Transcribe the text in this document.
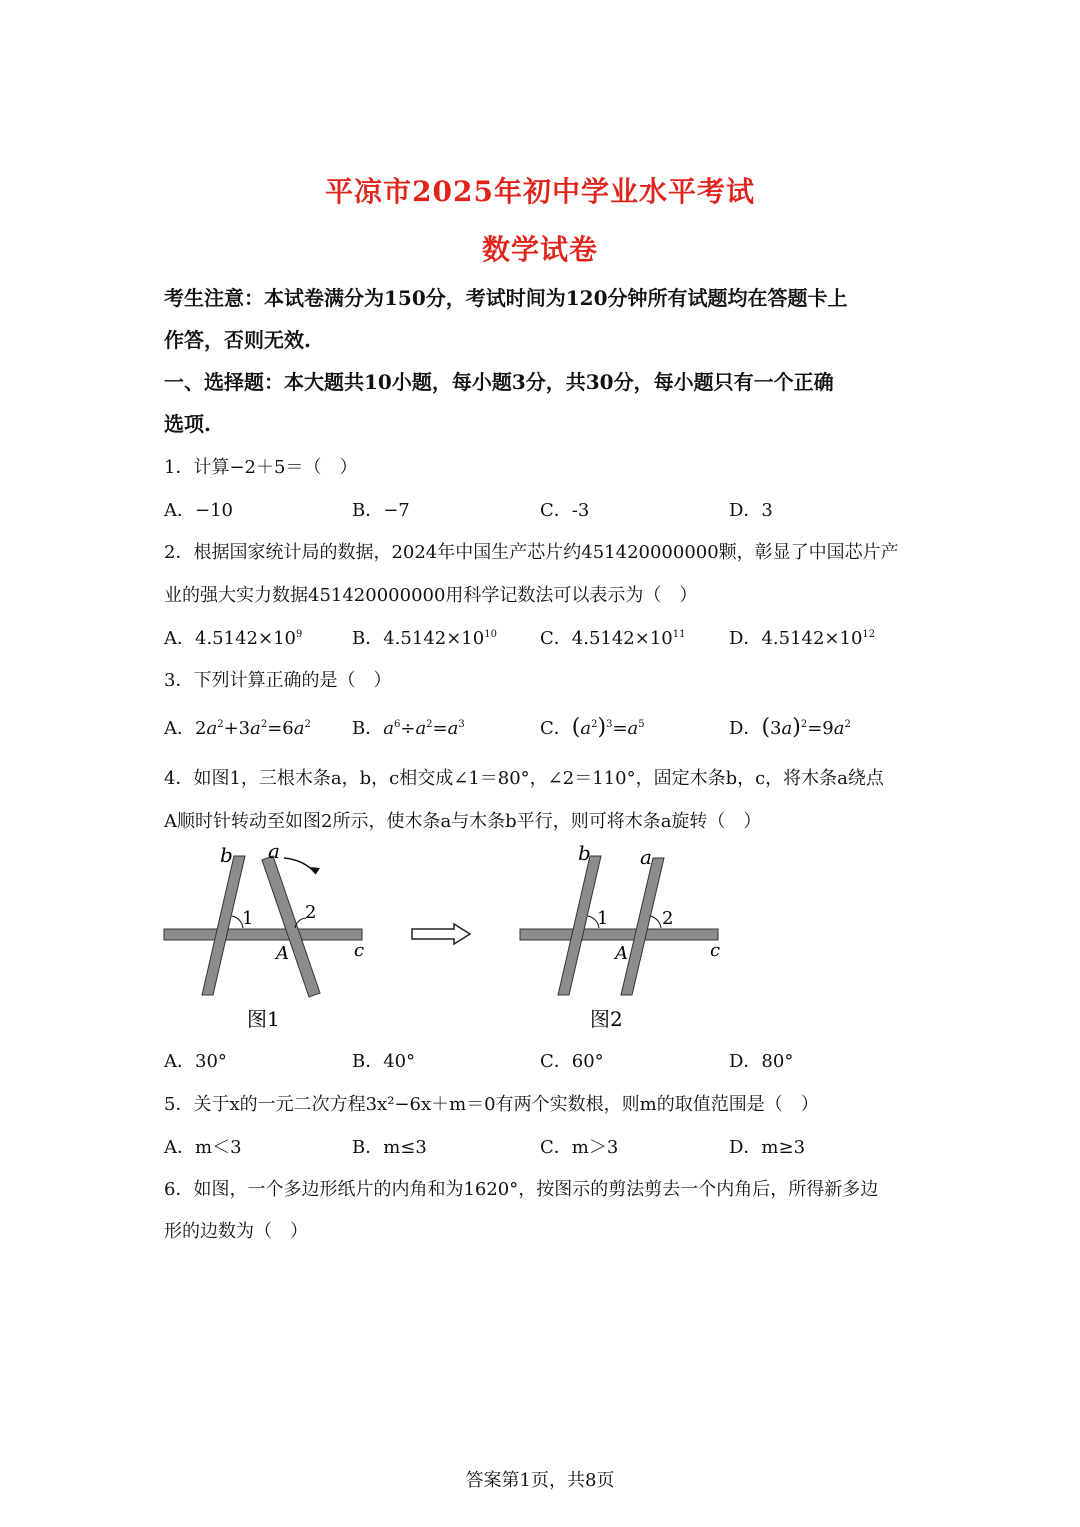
平凉市2025年初中学业水平考试
数学试卷
考生注意：本试卷满分为150分，考试时间为120分钟所有试题均在答题卡上
作答，否则无效.
一、选择题：本大题共10小题，每小题3分，共30分，每小题只有一个正确
选项.
1．计算−2＋5＝（　）
A．−10	B．−7	C．-3	D．3
2．根据国家统计局的数据，2024年中国生产芯片约451420000000颗，彰显了中国芯片产
业的强大实力数据451420000000用科学记数法可以表示为（　）
A．$4.5142\times 10^9$	B．$4.5142\times 10^{10}$ C．$4.5142\times 10^{11}$ D．$4.5142\times 10^{12}$
3．下列计算正确的是（　）
A．$2a^2+3a^2=6a^2$ B．$a^6\div a^2=a^3$	C．$(a^2)^3=a^5$	D．$(3a)^2=9a^2$
4．如图1，三根木条a，b，c相交成∠1＝80°，∠2＝110°，固定木条b，c，将木条a绕点
A顺时针转动至如图2所示，使木条a与木条b平行，则可将木条a旋转（　）
b a
c
A
1	2
图1
b a
c
A
1	2
图2
A．30°	B．40°	C．60°	D．80°
5．关于x的一元二次方程3x²−6x＋m＝0有两个实数根，则m的取值范围是（　）
A．m＜3	B．m≤3	C．m＞3	D．m≥3
6．如图，一个多边形纸片的内角和为1620°，按图示的剪法剪去一个内角后，所得新多边
形的边数为（　）
答案第1页，共8页
